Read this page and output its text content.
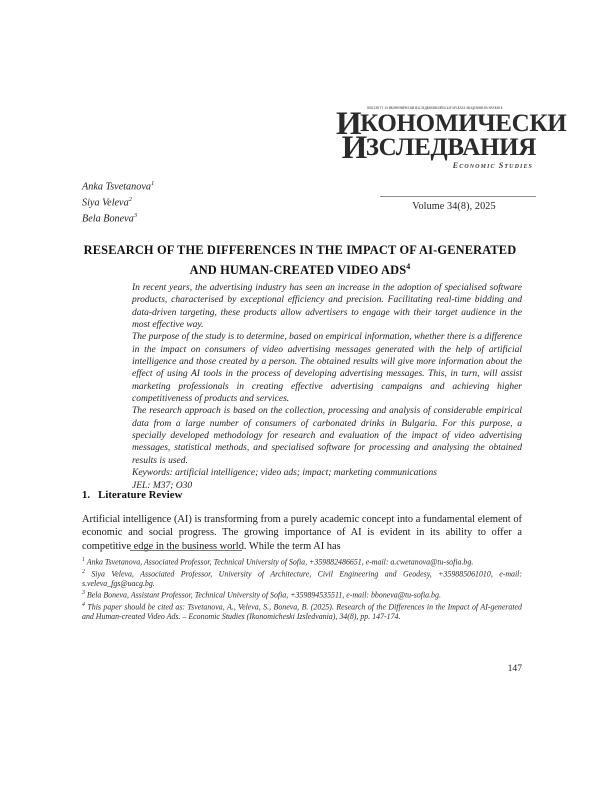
ИНСТИТУТ ЗА ИКОНОМИЧЕСКИ ИЗСЛЕДВАНИЯ ПРИ БЪЛГАРСКАТА АКАДЕМИЯ НА НАУКИТЕ
ИКОНОМИЧЕСКИ
ИЗСЛЕДВАНИЯ
Economic Studies
Anka Tsvetanova$^1$
Siya Veleva$^2$
Bela Boneva$^3$
Volume 34(8), 2025
RESEARCH OF THE DIFFERENCES IN THE IMPACT OF AI-GENERATED AND HUMAN-CREATED VIDEO ADS$^4$

In recent years, the advertising industry has seen an increase in the adoption of specialised software products, characterised by exceptional efficiency and precision. Facilitating real-time bidding and data-driven targeting, these products allow advertisers to engage with their target audience in the most effective way.

The purpose of the study is to determine, based on empirical information, whether there is a difference in the impact on consumers of video advertising messages generated with the help of artificial intelligence and those created by a person. The obtained results will give more information about the effect of using AI tools in the process of developing advertising messages. This, in turn, will assist marketing professionals in creating effective advertising campaigns and achieving higher competitiveness of products and services.

The research approach is based on the collection, processing and analysis of considerable empirical data from a large number of consumers of carbonated drinks in Bulgaria. For this purpose, a specially developed methodology for research and evaluation of the impact of video advertising messages, statistical methods, and specialised software for processing and analysing the obtained results is used.

Keywords: artificial intelligence; video ads; impact; marketing communications

JEL: M37; O30

1. Literature Review
Artificial intelligence (AI) is transforming from a purely academic concept into a fundamental element of economic and social progress. The growing importance of AI is evident in its ability to offer a competitive edge in the business world. While the term AI has

$^1$ Anka Tsvetanova, Associated Professor, Technical University of Sofia, +359882486651, e-mail: a.cwetanova@tu-sofia.bg.

$^2$ Siya Veleva, Associated Professor, University of Architecture, Civil Engineering and Geodesy, +359885061010, e-mail: s.veleva_fgs@uacg.bg.

$^3$ Bela Boneva, Assistant Professor, Technical University of Sofia, +359894535511, e-mail: bboneva@tu-sofia.bg.

$^4$ This paper should be cited as: Tsvetanova, A., Veleva, S., Boneva, B. (2025). Research of the Differences in the Impact of AI-generated and Human-created Video Ads. – Economic Studies (Ikonomicheski Izsledvania), 34(8), pp. 147-174.

147
